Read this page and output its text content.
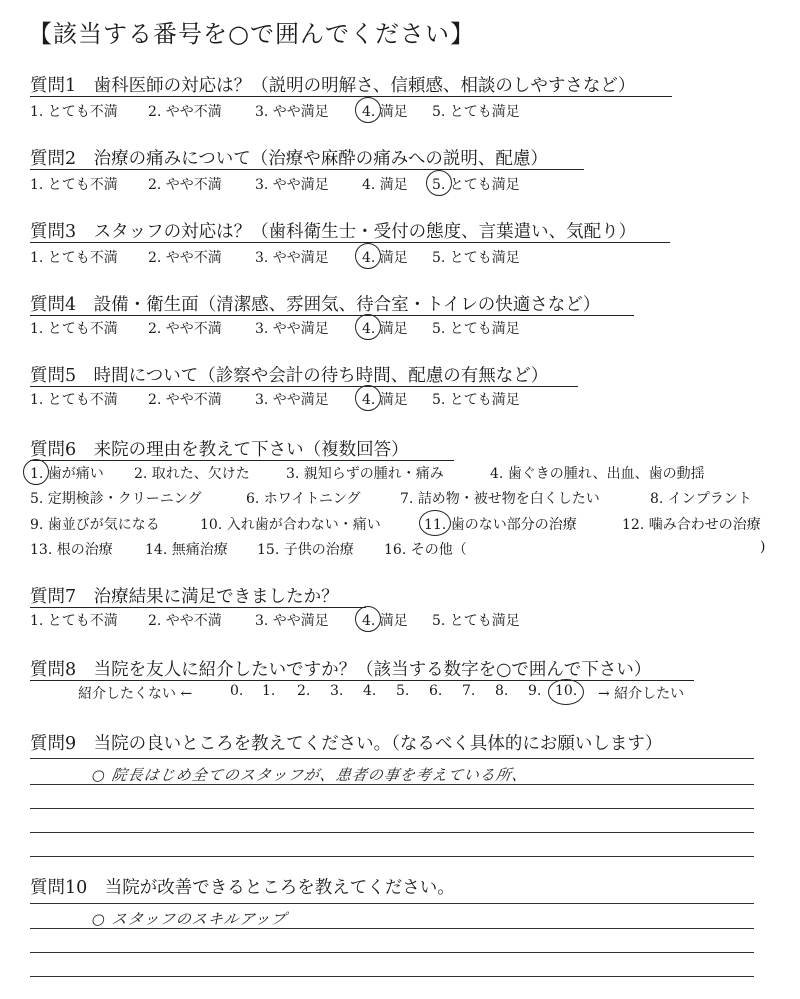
【該当する番号を○で囲んでください】
質問1　歯科医師の対応は？（説明の明解さ、信頼感、相談のしやすさなど）
1. とても不満 2. やや不満 3. やや満足 4. 満足 5. とても満足
質問2　治療の痛みについて（治療や麻酔の痛みへの説明、配慮）
1. とても不満 2. やや不満 3. やや満足 4. 満足 5. とても満足
質問3　スタッフの対応は？（歯科衛生士・受付の態度、言葉遣い、気配り）
1. とても不満 2. やや不満 3. やや満足 4. 満足 5. とても満足
質問4　設備・衛生面（清潔感、雰囲気、待合室・トイレの快適さなど）
1. とても不満 2. やや不満 3. やや満足 4. 満足 5. とても満足
質問5　時間について（診察や会計の待ち時間、配慮の有無など）
1. とても不満 2. やや不満 3. やや満足 4. 満足 5. とても満足
質問6　来院の理由を教えて下さい（複数回答）
1. 歯が痛い 2. 取れた、欠けた	3. 親知らずの腫れ・痛み	4. 歯ぐきの腫れ、出血、歯の動揺
5. 定期検診・クリーニング	6. ホワイトニング	7. 詰め物・被せ物を白くしたい	8. インプラント
9. 歯並びが気になる	10. 入れ歯が合わない・痛い	11. 歯のない部分の治療	12. 噛み合わせの治療
13. 根の治療 14. 無痛治療 15. 子供の治療 16. その他（	)
質問7　治療結果に満足できましたか？
1. とても不満 2. やや不満 3. やや満足 4. 満足 5. とても満足
質問8　当院を友人に紹介したいですか？（該当する数字を○で囲んで下さい）
紹介したくない ←	0. 1. 2. 3. 4. 5. 6. 7. 8. 9. 10. → 紹介したい
質問9　当院の良いところを教えてください。（なるべく具体的にお願いします）
○ 院長はじめ全てのスタッフが、患者の事を考えている所、
質問10　当院が改善できるところを教えてください。
○ スタッフのスキルアップ
